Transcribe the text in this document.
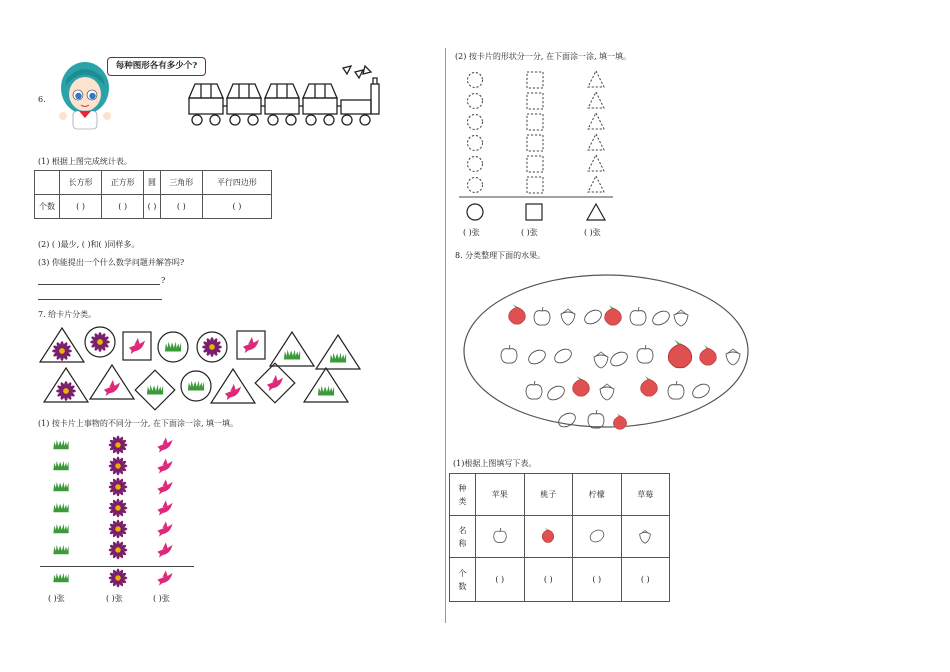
6.
每种图形各有多少个?
(1) 根据上图完成统计表。
	长方形	正方形	圆	三角形	平行四边形
个数	( )	( )	( )	( )	( )
(2) ( )最少, ( )和( )同样多。
(3) 你能提出一个什么数学问题并解答吗?
?
7. 给卡片分类。
(1) 按卡片上事物的不同分一分, 在下面涂一涂, 填一填。
( )张	( )张	( )张
(2) 按卡片的形状分一分, 在下面涂一涂, 填一填。
( )张	( )张	( )张
8. 分类整理下面的水果。
(1)根据上图填写下表。
种
类	苹果	桃子	柠檬	草莓

名
称

个
数	( )	( )	( )	( )
